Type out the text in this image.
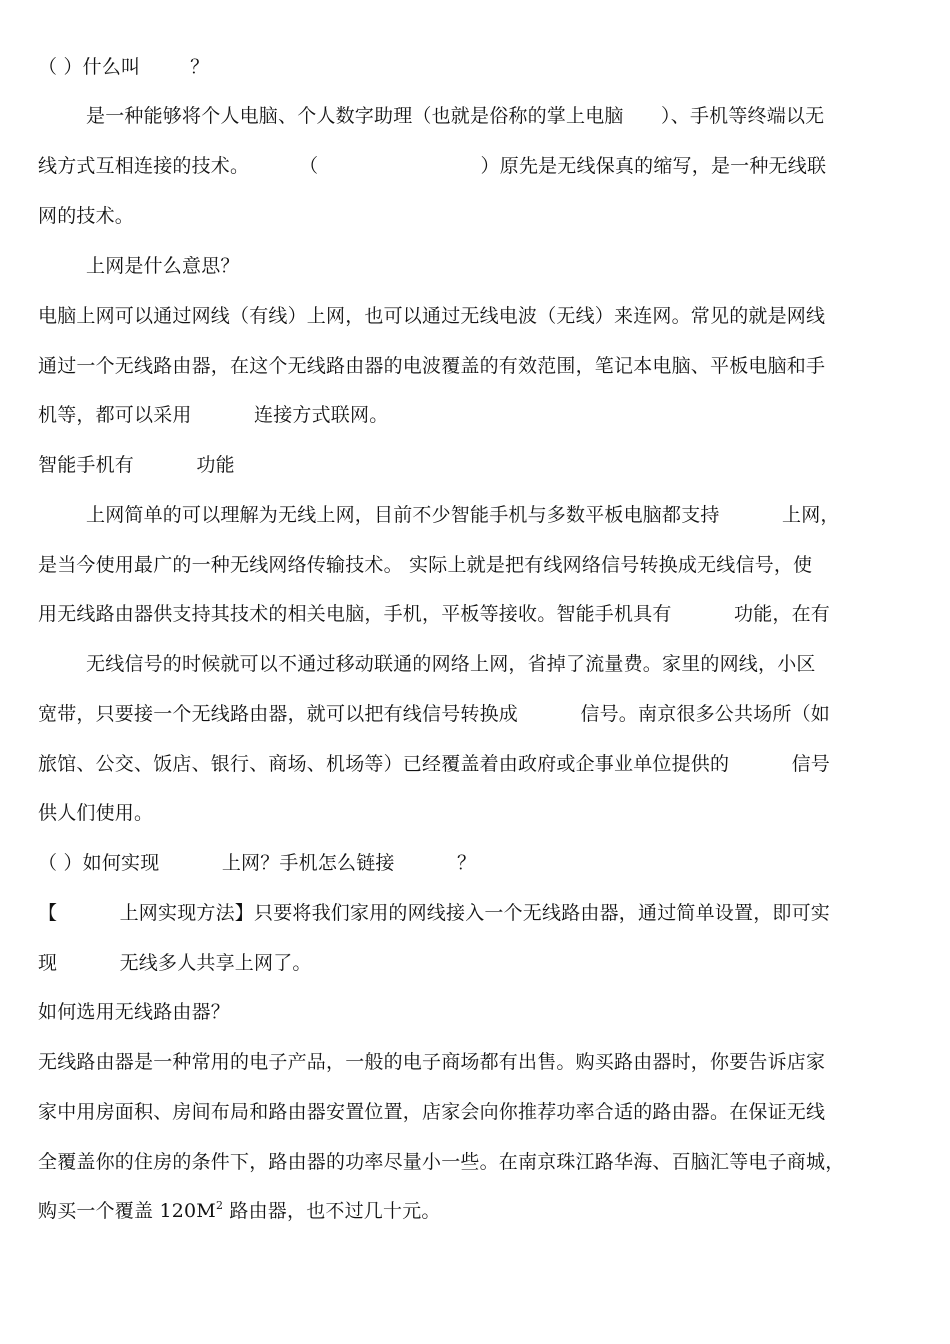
（ ）什么叫        ？
是一种能够将个人电脑、个人数字助理（也就是俗称的掌上电脑      ）、手机等终端以无
线方式互相连接的技术。        （                          ）原先是无线保真的缩写，是一种无线联
网的技术。
上网是什么意思？
电脑上网可以通过网线（有线）上网，也可以通过无线电波（无线）来连网。常见的就是网线
通过一个无线路由器，在这个无线路由器的电波覆盖的有效范围，笔记本电脑、平板电脑和手
机等，都可以采用          连接方式联网。
智能手机有          功能
上网简单的可以理解为无线上网，目前不少智能手机与多数平板电脑都支持          上网，
是当今使用最广的一种无线网络传输技术。 实际上就是把有线网络信号转换成无线信号，使
用无线路由器供支持其技术的相关电脑，手机，平板等接收。智能手机具有          功能，在有
无线信号的时候就可以不通过移动联通的网络上网，省掉了流量费。家里的网线，小区
宽带，只要接一个无线路由器，就可以把有线信号转换成          信号。南京很多公共场所（如
旅馆、公交、饭店、银行、商场、机场等）已经覆盖着由政府或企事业单位提供的          信号
供人们使用。
（ ）如何实现          上网？手机怎么链接          ？
【          上网实现方法】只要将我们家用的网线接入一个无线路由器，通过简单设置，即可实
现          无线多人共享上网了。
如何选用无线路由器？
无线路由器是一种常用的电子产品，一般的电子商场都有出售。购买路由器时，你要告诉店家
家中用房面积、房间布局和路由器安置位置，店家会向你推荐功率合适的路由器。在保证无线
全覆盖你的住房的条件下，路由器的功率尽量小一些。在南京珠江路华海、百脑汇等电子商城，
购买一个覆盖 $120M^2$ 路由器，也不过几十元。
